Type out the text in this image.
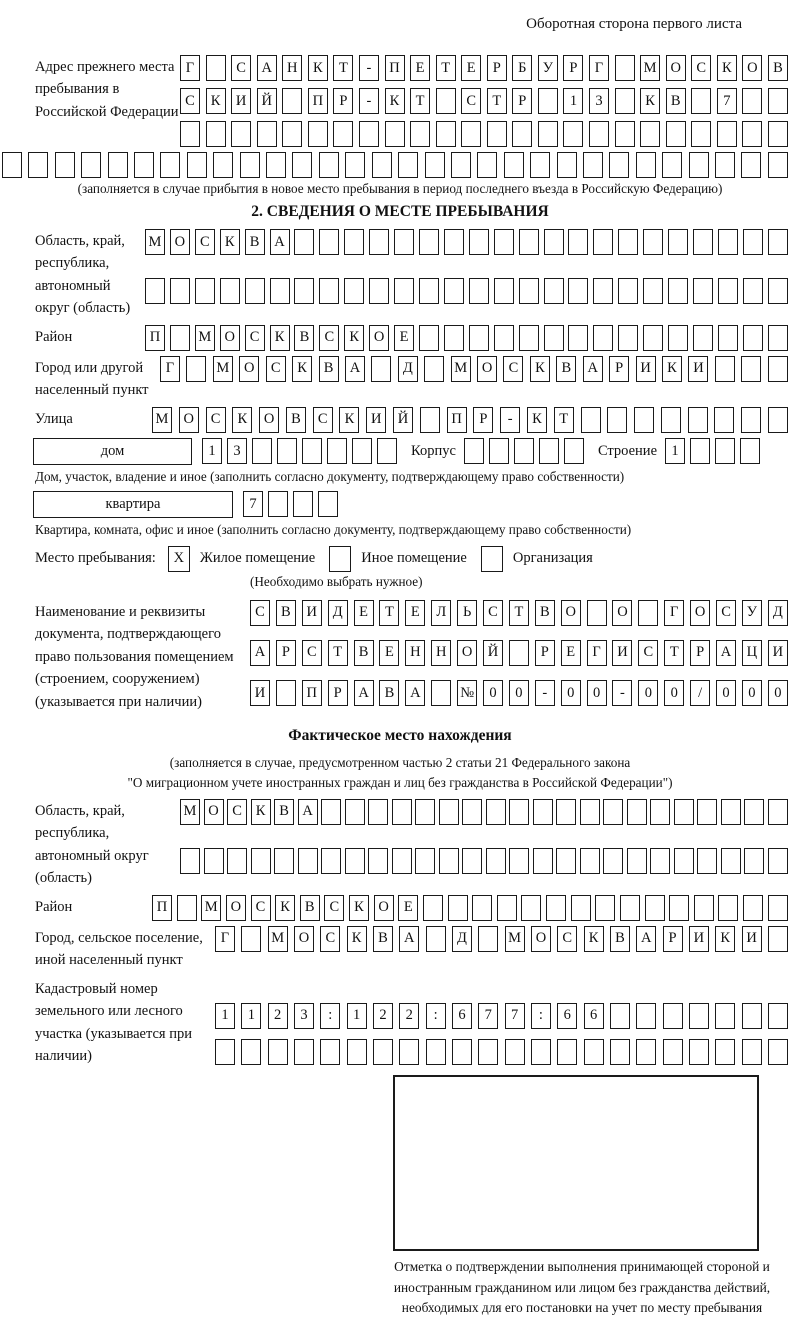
Оборотная сторона первого листа
Адрес прежнего места пребывания в Российской Федерации
Г	С	А	Н	К	Т	-	П	Е	Т	Е	Р	Б	У	Р	Г	М О	С	К	О	В
С	К	И	Й	П	Р	-	К	Т	С	Т	Р	1	3	К	В	7
(заполняется в случае прибытия в новое место пребывания в период последнего въезда в Российскую Федерацию)
2. СВЕДЕНИЯ О МЕСТЕ ПРЕБЫВАНИЯ
Область, край, республика, автономный округ (область)
М О	С	К	В	А
Район	П	М О	С	К	В	С	К	О	Е
Город или другой населенный пункт
Г	М	О	С	К	В	А	Д	М	О	С	К	В	А	Р	И	К	И
Улица	М	О	С	К	О	В	С	К	И	Й	П	Р	-	К	Т
дом	1	3	Корпус	Строение 1
Дом, участок, владение и иное (заполнить согласно документу, подтверждающему право собственности)
квартира	7
Квартира, комната, офис и иное (заполнить согласно документу, подтверждающему право собственности)
Место пребывания:	X	Жилое помещение	Иное помещение	Организация
(Необходимо выбрать нужное)
Наименование и реквизиты документа, подтверждающего право пользования помещением (строением, сооружением) (указывается при наличии)
С	В	И	Д	Е	Т	Е	Л	Ь	С	Т	В	О	О	Г	О	С	У	Д
А	Р	С	Т	В	Е	Н	Н	О	Й	Р	Е	Г	И	С	Т	Р	А	Ц	И
И	П	Р	А	В	А	№	0	0	-	0	0	-	0	0	/	0	0	0
Фактическое место нахождения
(заполняется в случае, предусмотренном частью 2 статьи 21 Федерального закона
"О миграционном учете иностранных граждан и лиц без гражданства в Российской Федерации")
Область, край, республика, автономный округ (область)
М О С К В А
Район	П	М О	С	К	В	С	К	О	Е
Город, сельское поселение, иной населенный пункт
Г	М	О	С	К	В	А	Д	М	О	С	К	В	А	Р	И	К	И
Кадастровый номер земельного или лесного участка (указывается при наличии)
1	1	2	3	:	1	2	2	:	6	7	7	:	6	6
Отметка о подтверждении выполнения принимающей стороной и иностранным гражданином или лицом без гражданства действий, необходимых для его постановки на учет по месту пребывания
